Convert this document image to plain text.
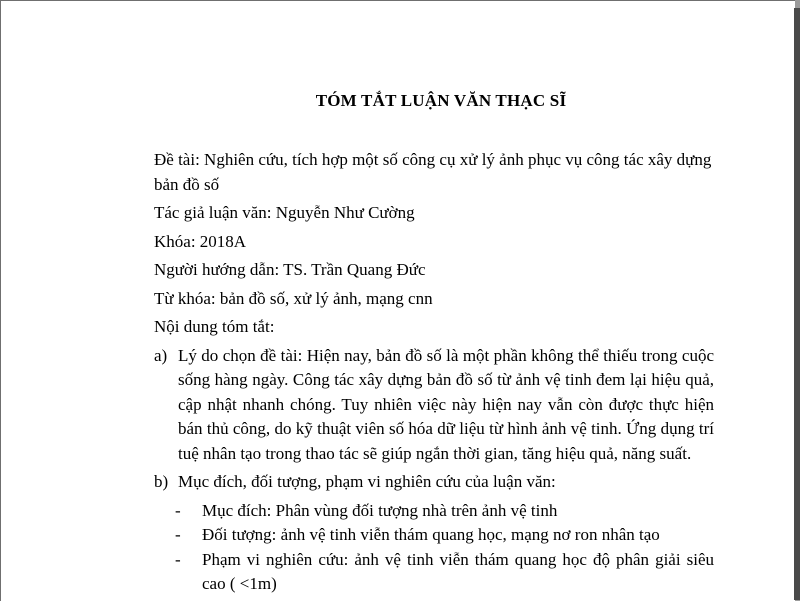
TÓM TẮT LUẬN VĂN THẠC SĨ

Đề tài: Nghiên cứu, tích hợp một số công cụ xử lý ảnh phục vụ công tác xây dựng bản đồ số

Tác giả luận văn: Nguyễn Như Cường

Khóa: 2018A

Người hướng dẫn: TS. Trần Quang Đức

Từ khóa: bản đồ số, xử lý ảnh, mạng cnn

Nội dung tóm tắt:

a) Lý do chọn đề tài: Hiện nay, bản đồ số là một phần không thể thiếu trong cuộc sống hàng ngày. Công tác xây dựng bản đồ số từ ảnh vệ tinh đem lại hiệu quả, cập nhật nhanh chóng. Tuy nhiên việc này hiện nay vẫn còn được thực hiện bán thủ công, do kỹ thuật viên số hóa dữ liệu từ hình ảnh vệ tinh. Ứng dụng trí tuệ nhân tạo trong thao tác sẽ giúp ngắn thời gian, tăng hiệu quả, năng suất.
b) Mục đích, đối tượng, phạm vi nghiên cứu của luận văn:
- Mục đích: Phân vùng đối tượng nhà trên ảnh vệ tinh
- Đối tượng: ảnh vệ tinh viễn thám quang học, mạng nơ ron nhân tạo
- Phạm vi nghiên cứu: ảnh vệ tinh viễn thám quang học độ phân giải siêu cao ( <1m)
